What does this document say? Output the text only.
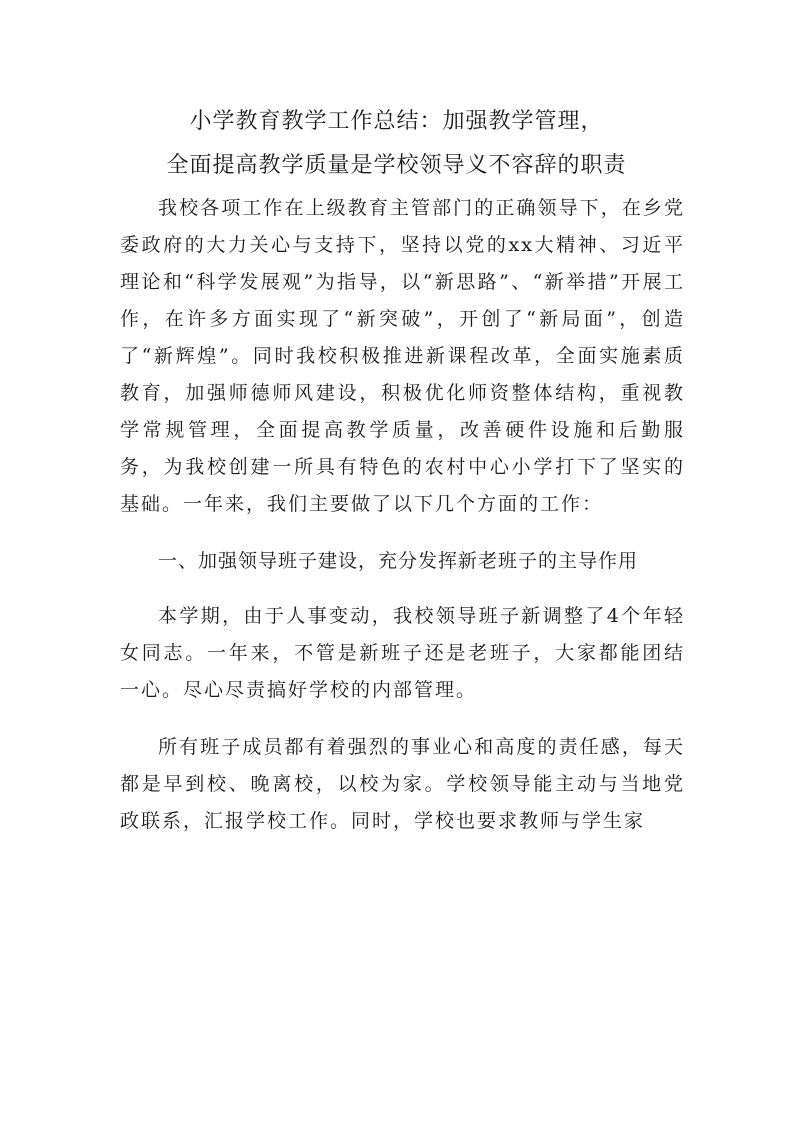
小学教育教学工作总结：加强教学管理，
全面提高教学质量是学校领导义不容辞的职责

我校各项工作在上级教育主管部门的正确领导下，在乡党委政府的大力关心与支持下，坚持以党的xx大精神、习近平理论和“科学发展观”为指导，以“新思路”、“新举措”开展工作，在许多方面实现了“新突破”，开创了“新局面”，创造了“新辉煌”。同时我校积极推进新课程改革，全面实施素质教育，加强师德师风建设，积极优化师资整体结构，重视教学常规管理，全面提高教学质量，改善硬件设施和后勤服务，为我校创建一所具有特色的农村中心小学打下了坚实的基础。一年来，我们主要做了以下几个方面的工作：

一、加强领导班子建设，充分发挥新老班子的主导作用

本学期，由于人事变动，我校领导班子新调整了4个年轻女同志。一年来，不管是新班子还是老班子，大家都能团结一心。尽心尽责搞好学校的内部管理。

所有班子成员都有着强烈的事业心和高度的责任感，每天都是早到校、晚离校，以校为家。学校领导能主动与当地党政联系，汇报学校工作。同时，学校也要求教师与学生家
